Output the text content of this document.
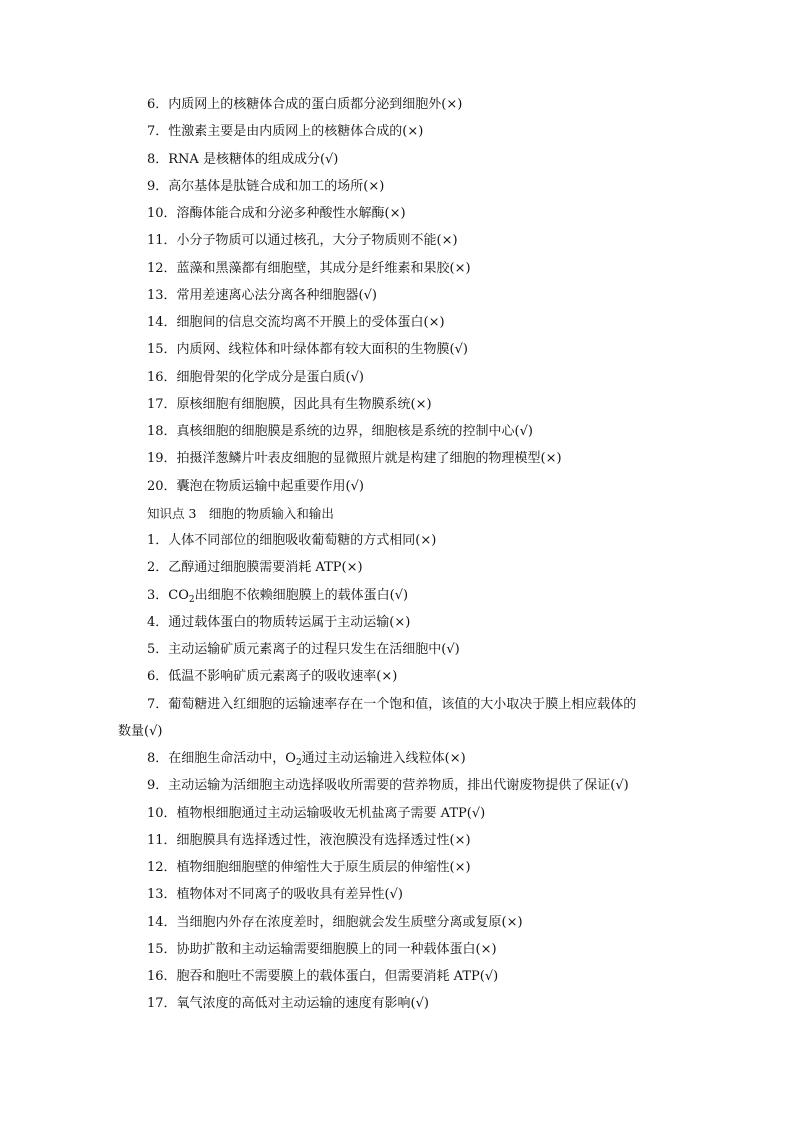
6．内质网上的核糖体合成的蛋白质都分泌到细胞外(×)
7．性激素主要是由内质网上的核糖体合成的(×)
8．RNA 是核糖体的组成成分(√)
9．高尔基体是肽链合成和加工的场所(×)
10．溶酶体能合成和分泌多种酸性水解酶(×)
11．小分子物质可以通过核孔，大分子物质则不能(×)
12．蓝藻和黑藻都有细胞壁，其成分是纤维素和果胶(×)
13．常用差速离心法分离各种细胞器(√)
14．细胞间的信息交流均离不开膜上的受体蛋白(×)
15．内质网、线粒体和叶绿体都有较大面积的生物膜(√)
16．细胞骨架的化学成分是蛋白质(√)
17．原核细胞有细胞膜，因此具有生物膜系统(×)
18．真核细胞的细胞膜是系统的边界，细胞核是系统的控制中心(√)
19．拍摄洋葱鳞片叶表皮细胞的显微照片就是构建了细胞的物理模型(×)
20．囊泡在物质运输中起重要作用(√)
知识点 3　细胞的物质输入和输出
1．人体不同部位的细胞吸收葡萄糖的方式相同(×)
2．乙醇通过细胞膜需要消耗 ATP(×)
3．$CO_2$出细胞不依赖细胞膜上的载体蛋白(√)
4．通过载体蛋白的物质转运属于主动运输(×)
5．主动运输矿质元素离子的过程只发生在活细胞中(√)
6．低温不影响矿质元素离子的吸收速率(×)
7．葡萄糖进入红细胞的运输速率存在一个饱和值，该值的大小取决于膜上相应载体的
数量(√)
8．在细胞生命活动中，$O_2$通过主动运输进入线粒体(×)
9．主动运输为活细胞主动选择吸收所需要的营养物质，排出代谢废物提供了保证(√)
10．植物根细胞通过主动运输吸收无机盐离子需要 ATP(√)
11．细胞膜具有选择透过性，液泡膜没有选择透过性(×)
12．植物细胞细胞壁的伸缩性大于原生质层的伸缩性(×)
13．植物体对不同离子的吸收具有差异性(√)
14．当细胞内外存在浓度差时，细胞就会发生质壁分离或复原(×)
15．协助扩散和主动运输需要细胞膜上的同一种载体蛋白(×)
16．胞吞和胞吐不需要膜上的载体蛋白，但需要消耗 ATP(√)
17．氧气浓度的高低对主动运输的速度有影响(√)
